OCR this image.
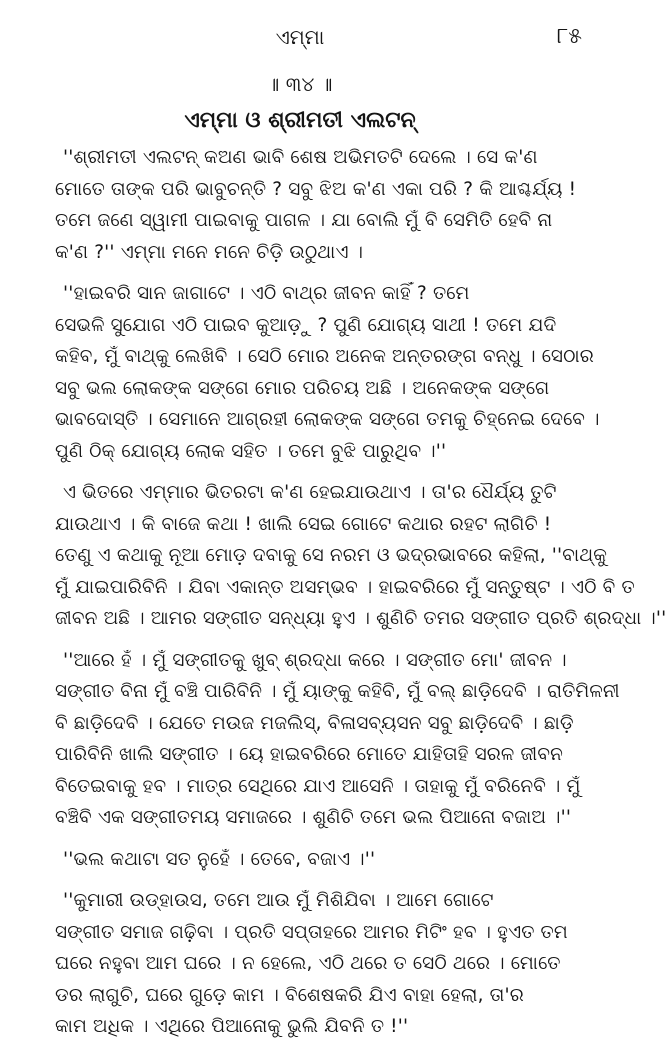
ଏମ୍ମା	୮୫
॥ ୩୪ ॥
ଏମ୍ମା ଓ ଶ୍ରୀମତୀ ଏଲଟନ୍

''ଶ୍ରୀମତୀ ଏଲଟନ୍ କଅଣ ଭାବି ଶେଷ ଅଭିମତଟି ଦେଲେ । ସେ କ'ଣ
ମୋତେ ତାଙ୍କ ପରି ଭାବୁଚନ୍ତି ? ସବୁ ଝିଅ କ'ଣ ଏକା ପରି ? କି ଆଶ୍ଚର୍ଯ୍ୟ !
ତମେ ଜଣେ ସ୍ୱାମୀ ପାଇବାକୁ ପାଗଳ । ଯା ବୋଲି ମୁଁ ବି ସେମିତି ହେବି ନା
କ'ଣ ?'' ଏମ୍ମା ମନେ ମନେ ଚିଡ଼ି ଉଠୁଥାଏ ।

''ହାଇବରି ସାନ ଜାଗାଟେ । ଏଠି ବାଥ୍‌ର ଜୀବନ କାହିଁ ? ତମେ
ସେଭଳି ସୁଯୋଗ ଏଠି ପାଇବ କୁଆଡ଼ୁ ? ପୁଣି ଯୋଗ୍ୟ ସାଥୀ ! ତମେ ଯଦି
କହିବ, ମୁଁ ବାଥ୍‌କୁ ଲେଖିବି । ସେଠି ମୋର ଅନେକ ଅନ୍ତରଙ୍ଗ ବନ୍ଧୁ । ସେଠାର
ସବୁ ଭଲ ଲୋକଙ୍କ ସଙ୍ଗେ ମୋର ପରିଚୟ ଅଛି । ଅନେକଙ୍କ ସଙ୍ଗେ
ଭାବଦୋସ୍ତି । ସେମାନେ ଆଗ୍ରହୀ ଲୋକଙ୍କ ସଙ୍ଗେ ତମକୁ ଚିହ୍ନେଇ ଦେବେ ।
ପୁଣି ଠିକ୍ ଯୋଗ୍ୟ ଲୋକ ସହିତ । ତମେ ବୁଝି ପାରୁଥିବ ।''

ଏ ଭିତରେ ଏମ୍ମାର ଭିତରଟା କ'ଣ ହେଇଯାଉଥାଏ । ତା'ର ଧୈର୍ଯ୍ୟ ତୁଟି
ଯାଉଥାଏ । କି ବାଜେ କଥା ! ଖାଲି ସେଇ ଗୋଟେ କଥାର ରହଟ ଲାଗିଚି !
ତେଣୁ ଏ କଥାକୁ ନୂଆ ମୋଡ଼ ଦବାକୁ ସେ ନରମ ଓ ଭଦ୍ରଭାବରେ କହିଲା, ''ବାଥ୍‌କୁ
ମୁଁ ଯାଇପାରିବିନି । ଯିବା ଏକାନ୍ତ ଅସମ୍ଭବ । ହାଇବରିରେ ମୁଁ ସନ୍ତୁଷ୍ଟ । ଏଠି ବି ତ
ଜୀବନ ଅଛି । ଆମର ସଙ୍ଗୀତ ସନ୍ଧ୍ୟା ହୁଏ । ଶୁଣିଚି ତମର ସଙ୍ଗୀତ ପ୍ରତି ଶ୍ରଦ୍ଧା ।''

''ଆରେ ହଁ । ମୁଁ ସଙ୍ଗୀତକୁ ଖୁବ୍ ଶ୍ରଦ୍ଧା କରେ । ସଙ୍ଗୀତ ମୋ' ଜୀବନ ।
ସଙ୍ଗୀତ ବିନା ମୁଁ ବଞ୍ଚି ପାରିବିନି । ମୁଁ ୟାଙ୍କୁ କହିବି, ମୁଁ ବଲ୍ ଛାଡ଼ିଦେବି । ରାତିମିଳନୀ
ବି ଛାଡ଼ିଦେବି । ଯେତେ ମଉଜ ମଜଲିସ୍, ବିଳାସବ୍ୟସନ ସବୁ ଛାଡ଼ିଦେବି । ଛାଡ଼ି
ପାରିବିନି ଖାଲି ସଙ୍ଗୀତ । ୟେ ହାଇବରିରେ ମୋତେ ଯାହିତାହି ସରଳ ଜୀବନ
ବିତେଇବାକୁ ହବ । ମାତ୍ର ସେଥିରେ ଯାଏ ଆସେନି । ତାହାକୁ ମୁଁ ବରିନେବି । ମୁଁ
ବଞ୍ଚିବି ଏକ ସଙ୍ଗୀତମୟ ସମାଜରେ । ଶୁଣିଚି ତମେ ଭଲ ପିଆନୋ ବଜାଅ ।''

''ଭଲ କଥାଟା ସତ ନୁହେଁ । ତେବେ, ବଜାଏ ।''

''କୁମାରୀ ଉଡ୍‌ହାଉସ, ତମେ ଆଉ ମୁଁ ମିଶିଯିବା । ଆମେ ଗୋଟେ
ସଙ୍ଗୀତ ସମାଜ ଗଢ଼ିବା । ପ୍ରତି ସପ୍ତାହରେ ଆମର ମିଟିଂ ହବ । ହୁଏତ ତମ
ଘରେ ନହୁବା ଆମ ଘରେ । ନ ହେଲେ, ଏଠି ଥରେ ତ ସେଠି ଥରେ । ମୋତେ
ଡର ଲାଗୁଚି, ଘରେ ଗୁଡ଼େ କାମ । ବିଶେଷକରି ଯିଏ ବାହା ହେଲା, ତା'ର
କାମ ଅଧିକ । ଏଥିରେ ପିଆନୋକୁ ଭୁଲି ଯିବନି ତ !''
